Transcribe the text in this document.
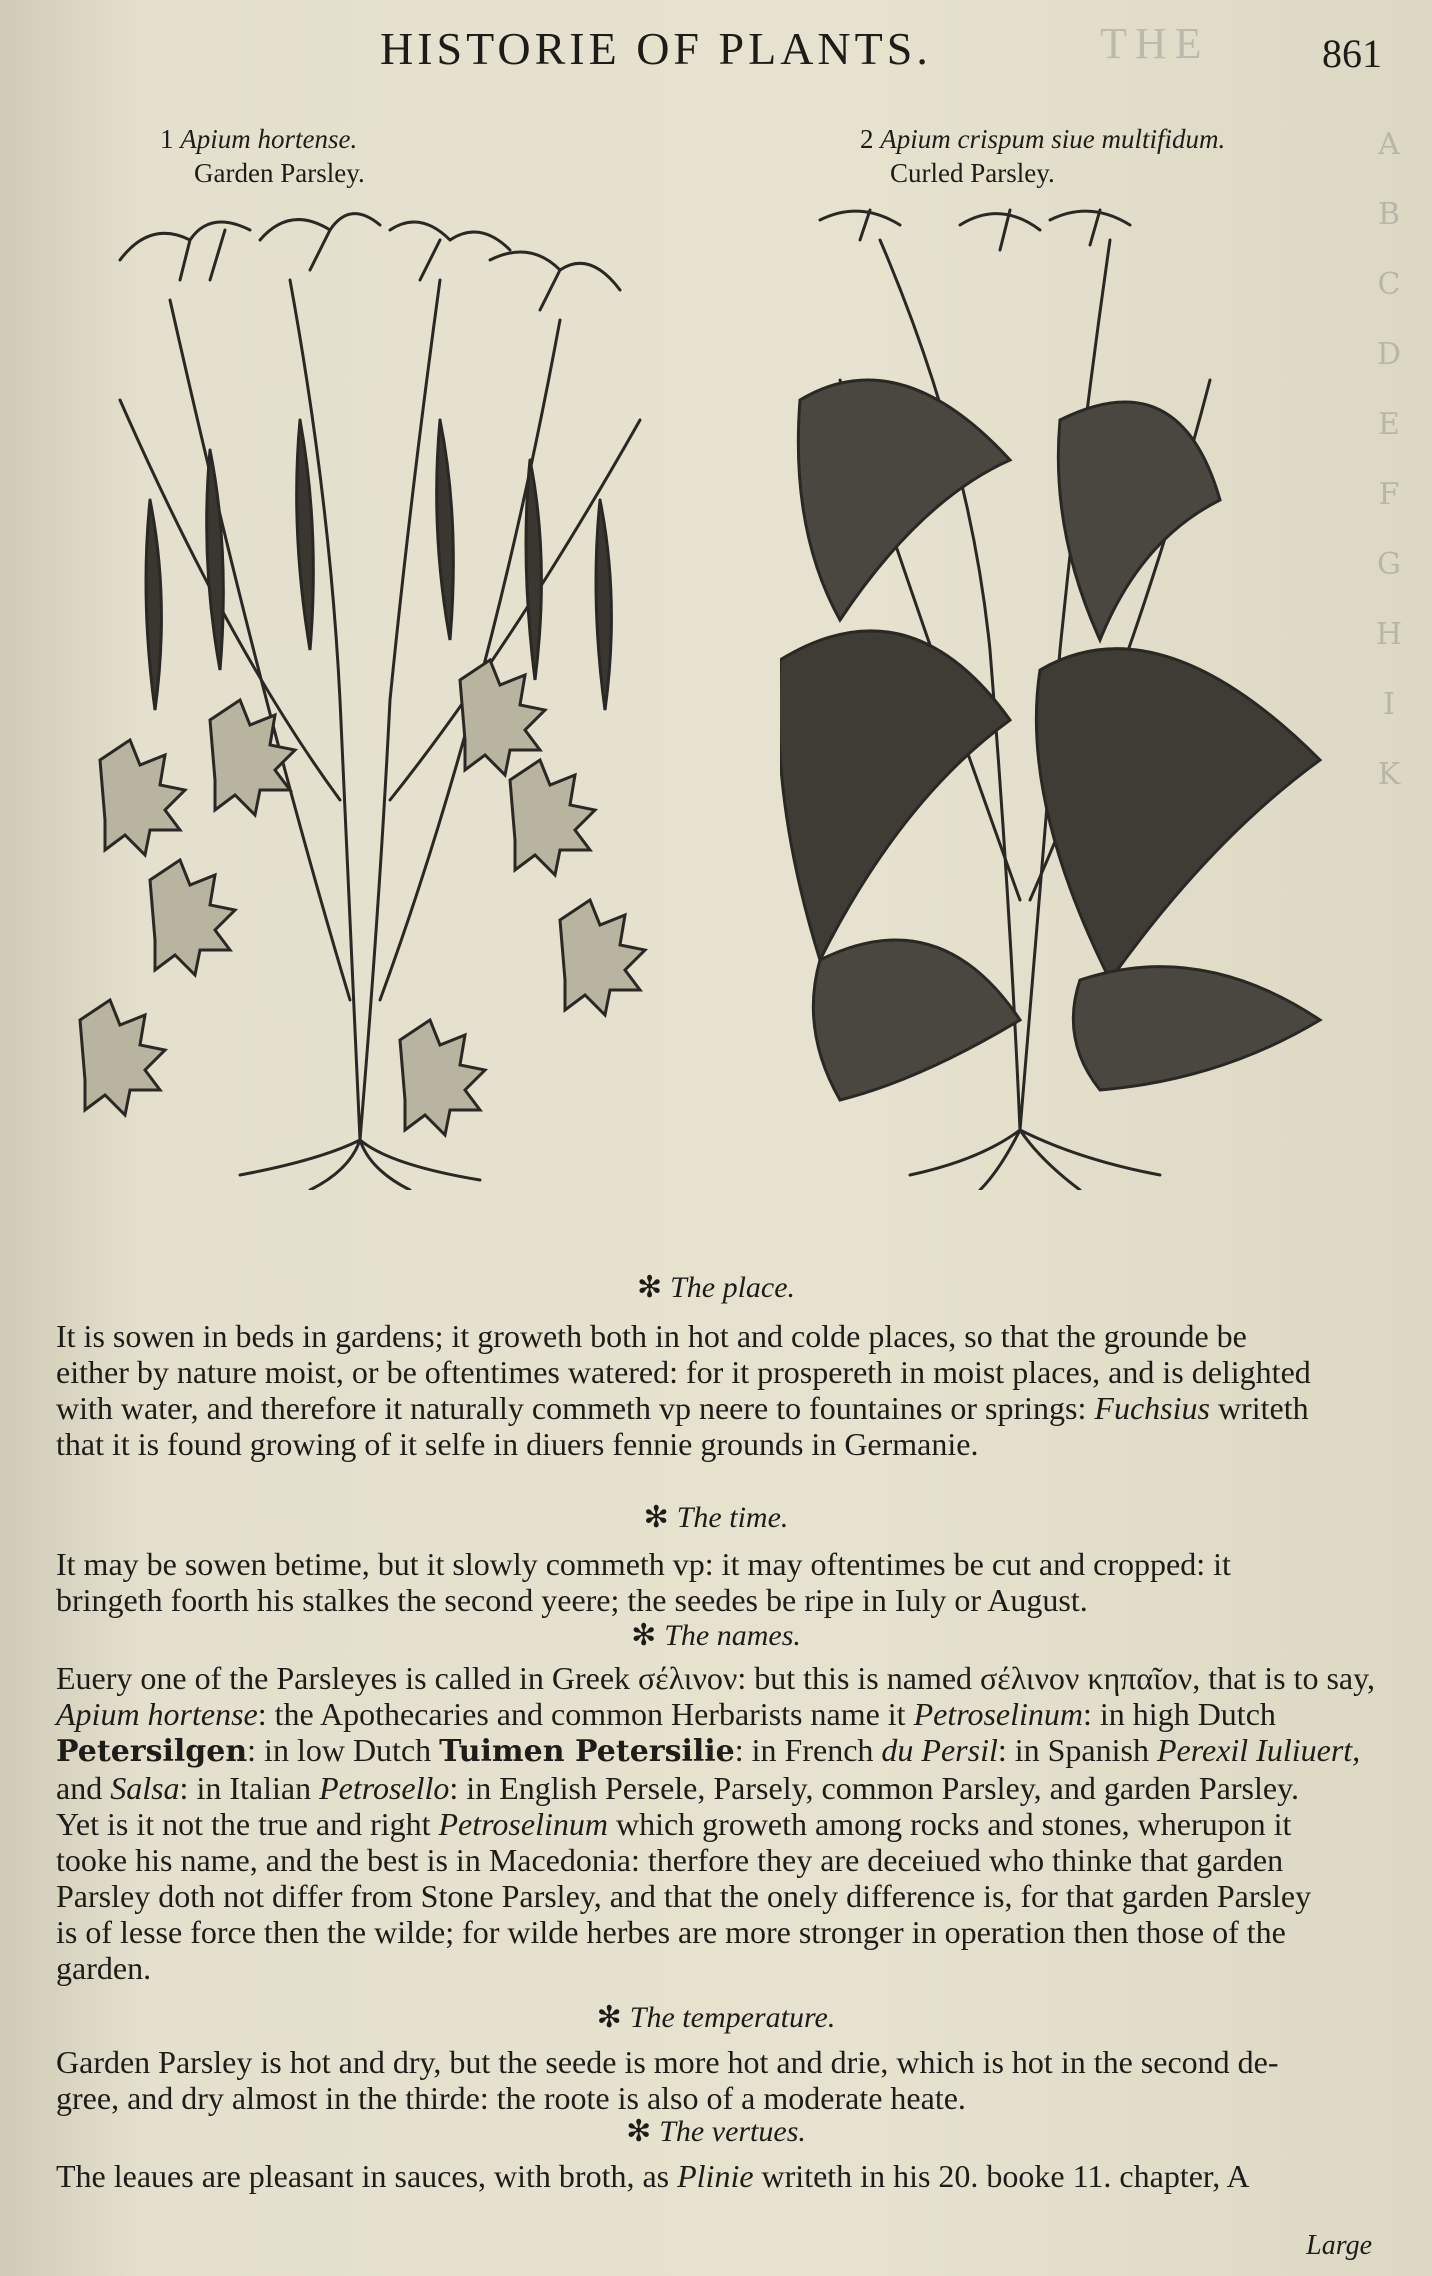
A
B
C
D
E
F
G
H
I
K
HISTORIE OF PLANTS.	THE	861
1 Apium hortense.
Garden Parsley.
2 Apium crispum siue multifidum.
Curled Parsley.
✻ The place.
It is sowen in beds in gardens; it groweth both in hot and colde places, so that the grounde be
either by nature moist, or be oftentimes watered: for it prospereth in moist places, and is delighted
with water, and therefore it naturally commeth vp neere to fountaines or springs: Fuchsius writeth
that it is found growing of it selfe in diuers fennie grounds in Germanie.
✻ The time.
It may be sowen betime, but it slowly commeth vp: it may oftentimes be cut and cropped: it
bringeth foorth his stalkes the second yeere; the seedes be ripe in Iuly or August.
✻ The names.
Euery one of the Parsleyes is called in Greek σέλινον: but this is named σέλινον κηπαῖον, that is to say,
Apium hortense: the Apothecaries and common Herbarists name it Petroselinum: in high Dutch
Petersilgen: in low Dutch Tuimen Petersilie: in French du Persil: in Spanish Perexil Iuliuert,
and Salsa: in Italian Petrosello: in English Persele, Parsely, common Parsley, and garden Parsley.
Yet is it not the true and right Petroselinum which groweth among rocks and stones, wherupon it
tooke his name, and the best is in Macedonia: therfore they are deceiued who thinke that garden
Parsley doth not differ from Stone Parsley, and that the onely difference is, for that garden Parsley
is of lesse force then the wilde; for wilde herbes are more stronger in operation then those of the
garden.
✻ The temperature.
Garden Parsley is hot and dry, but the seede is more hot and drie, which is hot in the second de-
gree, and dry almost in the thirde: the roote is also of a moderate heate.
✻ The vertues.
The leaues are pleasant in sauces, with broth, as Plinie writeth in his 20. booke 11. chapter, A
Large
